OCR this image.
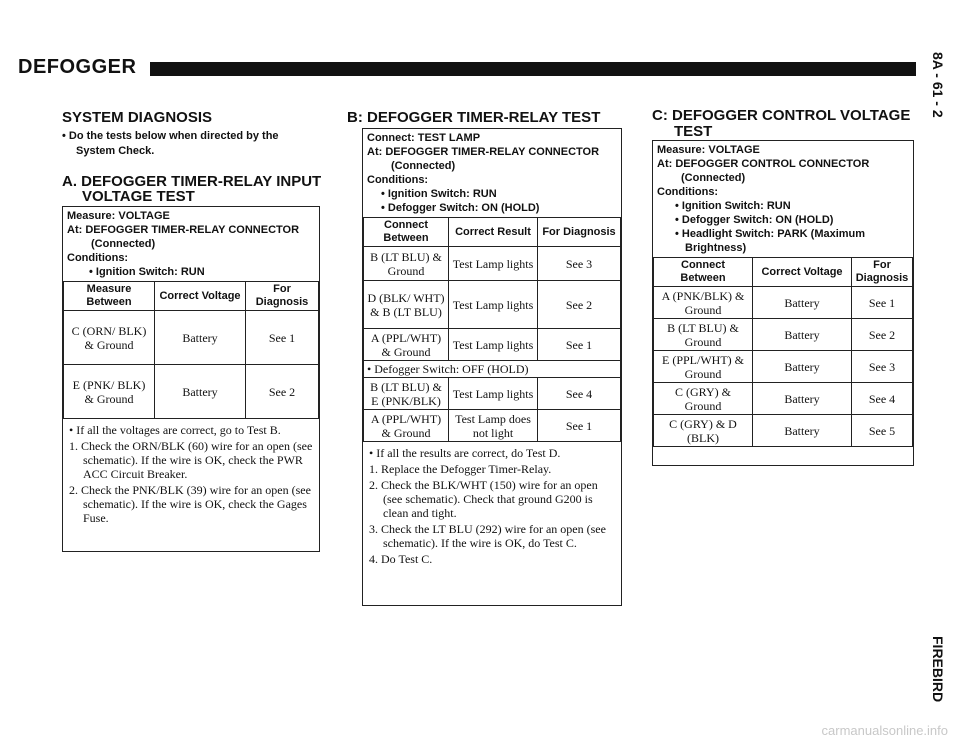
DEFOGGER	8A - 61 - 2
FIREBIRD
SYSTEM DIAGNOSIS
• Do the tests below when directed by the
System Check.
A. DEFOGGER TIMER-RELAY INPUT
VOLTAGE TEST
Measure: VOLTAGE
At: DEFOGGER TIMER-RELAY CONNECTOR
(Connected)
Conditions:
• Ignition Switch: RUN
Measure Between	Correct Voltage	For Diagnosis
C (ORN/ BLK) & Ground	Battery	See 1
E (PNK/ BLK) & Ground	Battery	See 2

• If all the voltages are correct, go to Test B.

1. Check the ORN/BLK (60) wire for an open (see schematic). If the wire is OK, check the PWR ACC Circuit Breaker.

2. Check the PNK/BLK (39) wire for an open (see schematic). If the wire is OK, check the Gages Fuse.

B: DEFOGGER TIMER-RELAY TEST
Connect: TEST LAMP
At: DEFOGGER TIMER-RELAY CONNECTOR
(Connected)
Conditions:
• Ignition Switch: RUN
• Defogger Switch: ON (HOLD)
Connect Between	Correct Result	For Diagnosis
B (LT BLU) & Ground	Test Lamp lights	See 3
D (BLK/ WHT) & B (LT BLU)	Test Lamp lights	See 2
A (PPL/WHT) & Ground	Test Lamp lights	See 1
• Defogger Switch: OFF (HOLD)		
B (LT BLU) & E (PNK/BLK)	Test Lamp lights	See 4
A (PPL/WHT) & Ground	Test Lamp does not light	See 1

• If all the results are correct, do Test D.

1. Replace the Defogger Timer-Relay.

2. Check the BLK/WHT (150) wire for an open (see schematic). Check that ground G200 is clean and tight.

3. Check the LT BLU (292) wire for an open (see schematic). If the wire is OK, do Test C.

4. Do Test C.

C: DEFOGGER CONTROL VOLTAGE
TEST
Measure: VOLTAGE
At: DEFOGGER CONTROL CONNECTOR
(Connected)
Conditions:
• Ignition Switch: RUN
• Defogger Switch: ON (HOLD)
• Headlight Switch: PARK (Maximum
Brightness)
Connect Between	Correct Voltage	For Diagnosis
A (PNK/BLK) & Ground	Battery	See 1
B (LT BLU) & Ground	Battery	See 2
E (PPL/WHT) & Ground	Battery	See 3
C (GRY) & Ground	Battery	See 4
C (GRY) & D (BLK)	Battery	See 5
carmanualsonline.info
